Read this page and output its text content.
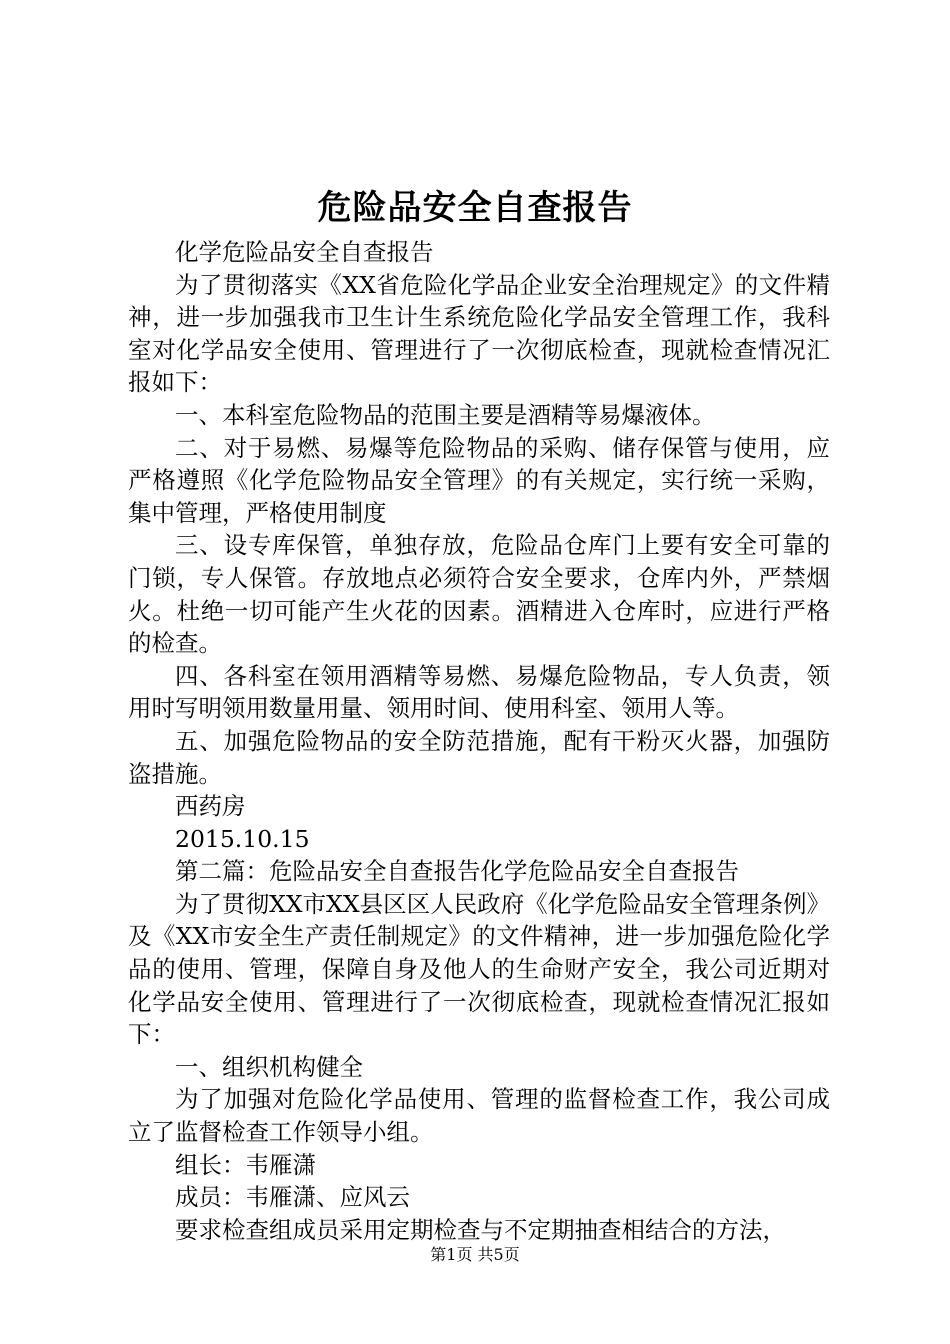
危险品安全自查报告

化学危险品安全自查报告

为了贯彻落实《XX省危险化学品企业安全治理规定》的文件精神，进一步加强我市卫生计生系统危险化学品安全管理工作，我科室对化学品安全使用、管理进行了一次彻底检查，现就检查情况汇报如下：

一、本科室危险物品的范围主要是酒精等易爆液体。

二、对于易燃、易爆等危险物品的采购、储存保管与使用，应严格遵照《化学危险物品安全管理》的有关规定，实行统一采购，集中管理，严格使用制度

三、设专库保管，单独存放，危险品仓库门上要有安全可靠的门锁，专人保管。存放地点必须符合安全要求，仓库内外，严禁烟火。杜绝一切可能产生火花的因素。酒精进入仓库时，应进行严格的检查。

四、各科室在领用酒精等易燃、易爆危险物品，专人负责，领用时写明领用数量用量、领用时间、使用科室、领用人等。

五、加强危险物品的安全防范措施，配有干粉灭火器，加强防盗措施。

西药房

2015.10.15

第二篇：危险品安全自查报告化学危险品安全自查报告

为了贯彻XX市XX县区区人民政府《化学危险品安全管理条例》及《XX市安全生产责任制规定》的文件精神，进一步加强危险化学品的使用、管理，保障自身及他人的生命财产安全，我公司近期对化学品安全使用、管理进行了一次彻底检查，现就检查情况汇报如下：

一、组织机构健全

为了加强对危险化学品使用、管理的监督检查工作，我公司成立了监督检查工作领导小组。

组长：韦雁潇

成员：韦雁潇、应风云

要求检查组成员采用定期检查与不定期抽查相结合的方法，

第1页 共5页
